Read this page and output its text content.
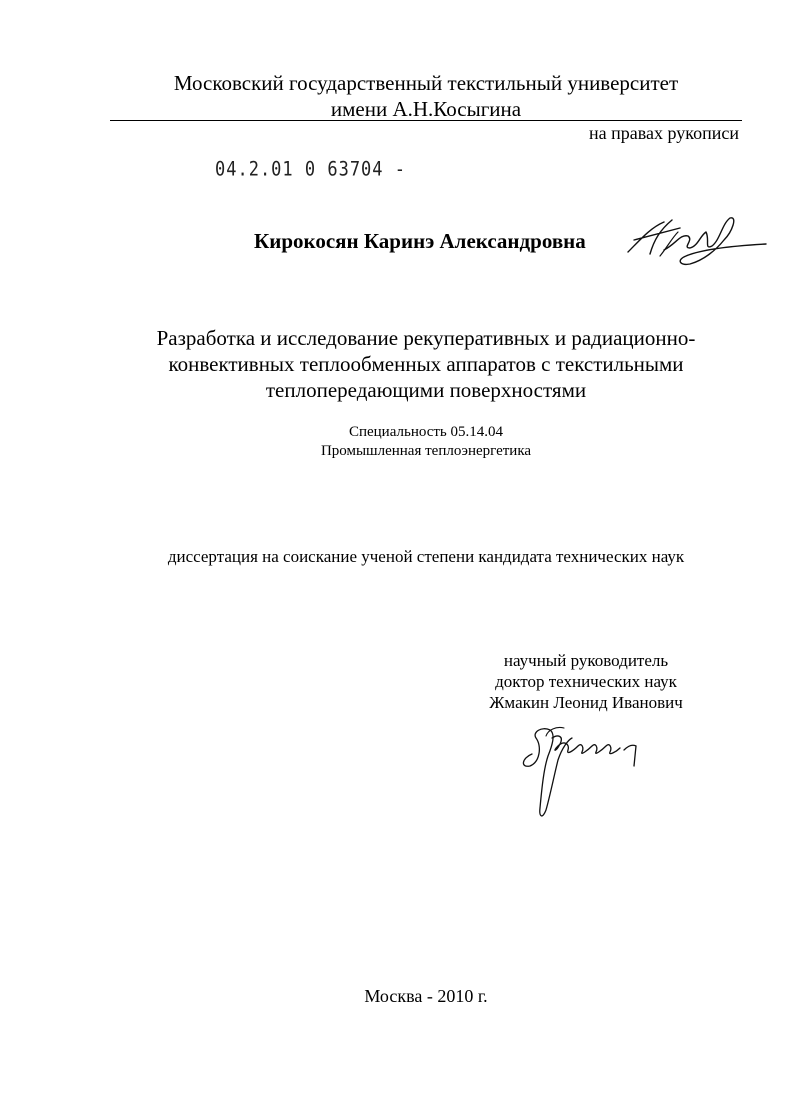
Московский государственный текстильный университет
имени А.Н.Косыгина
на правах рукописи
04.2.01 0 63704 -
Кирокосян Каринэ Александровна
Разработка и исследование рекуперативных и радиационно-
конвективных теплообменных аппаратов с текстильными
теплопередающими поверхностями
Специальность 05.14.04
Промышленная теплоэнергетика
диссертация на соискание ученой степени кандидата технических наук
научный руководитель
доктор технических наук
Жмакин Леонид Иванович
Москва - 2010 г.
